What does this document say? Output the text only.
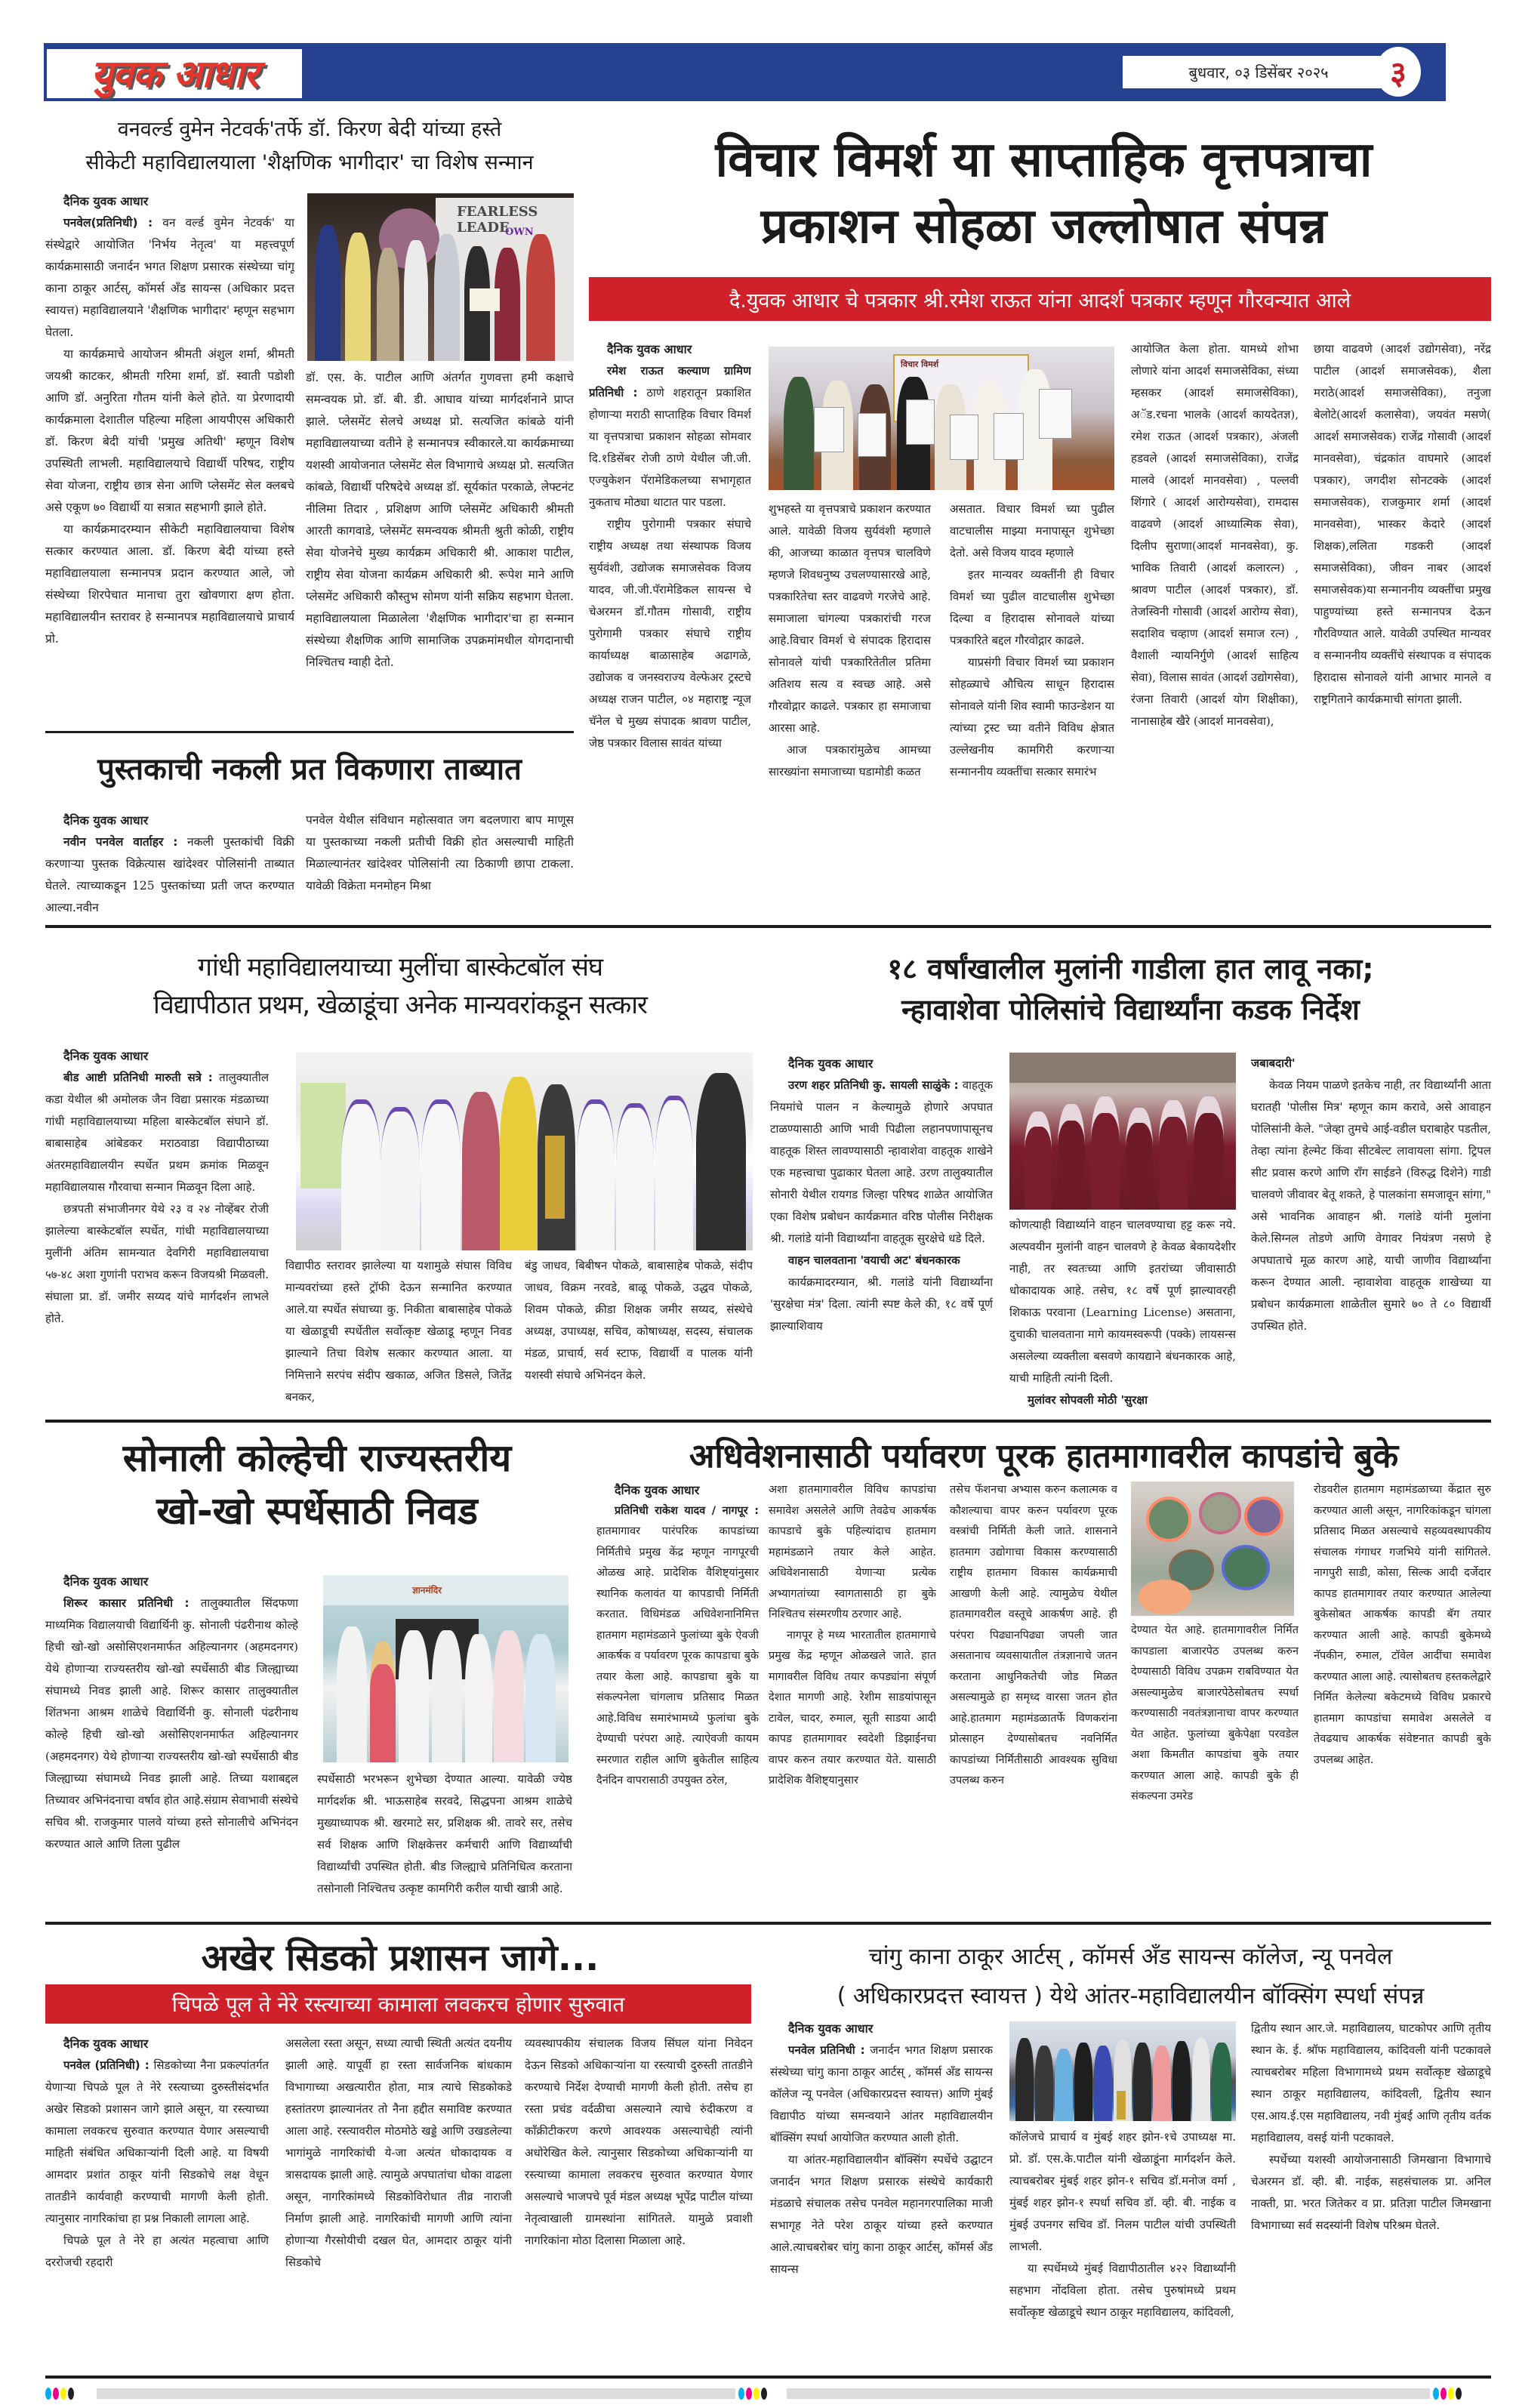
युवक आधार	बुधवार, ०३ डिसेंबर २०२५ ३
वनवर्ल्ड वुमेन नेटवर्क'तर्फे डॉ. किरण बेदी यांच्या हस्ते
सीकेटी महाविद्यालयाला 'शैक्षणिक भागीदार' चा विशेष सन्मान
दैनिक युवक आधार

पनवेल(प्रतिनिधी) : वन वर्ल्ड वुमेन नेटवर्क' या संस्थेद्वारे आयोजित 'निर्भय नेतृत्व' या महत्त्वपूर्ण कार्यक्रमासाठी जनार्दन भगत शिक्षण प्रसारक संस्थेच्या चांगू काना ठाकूर आर्टस्, कॉमर्स अँड सायन्स (अधिकार प्रदत्त स्वायत्त) महाविद्यालयाने 'शैक्षणिक भागीदार' म्हणून सहभाग घेतला.

या कार्यक्रमाचे आयोजन श्रीमती अंशुल शर्मा, श्रीमती जयश्री काटकर, श्रीमती गरिमा शर्मा, डॉ. स्वाती पडोशी आणि डॉ. अनुरिता गौतम यांनी केले होते. या प्रेरणादायी कार्यक्रमाला देशातील पहिल्या महिला आयपीएस अधिकारी डॉ. किरण बेदी यांची 'प्रमुख अतिथी' म्हणून विशेष उपस्थिती लाभली. महाविद्यालयाचे विद्यार्थी परिषद, राष्ट्रीय सेवा योजना, राष्ट्रीय छात्र सेना आणि प्लेसमेंट सेल क्लबचे असे एकूण ७० विद्यार्थी या सत्रात सहभागी झाले होते.

या कार्यक्रमादरम्यान सीकेटी महाविद्यालयाचा विशेष सत्कार करण्यात आला. डॉ. किरण बेदी यांच्या हस्ते महाविद्यालयाला सन्मानपत्र प्रदान करण्यात आले, जो संस्थेच्या शिरपेचात मानाचा तुरा खोवणारा क्षण होता. महाविद्यालयीन स्तरावर हे सन्मानपत्र महाविद्यालयाचे प्राचार्य प्रो.

FEARLESS LEADE
OWN

डॉ. एस. के. पाटील आणि अंतर्गत गुणवत्ता हमी कक्षाचे समन्वयक प्रो. डॉ. बी. डी. आघाव यांच्या मार्गदर्शनाने प्राप्त झाले. प्लेसमेंट सेलचे अध्यक्ष प्रो. सत्यजित कांबळे यांनी महाविद्यालयाच्या वतीने हे सन्मानपत्र स्वीकारले.या कार्यक्रमाच्या यशस्वी आयोजनात प्लेसमेंट सेल विभागाचे अध्यक्ष प्रो. सत्यजित कांबळे, विद्यार्थी परिषदेचे अध्यक्ष डॉ. सूर्यकांत परकाळे, लेफ्टनंट नीलिमा तिदार , प्रशिक्षण आणि प्लेसमेंट अधिकारी श्रीमती आरती कागवाडे, प्लेसमेंट समन्वयक श्रीमती श्रुती कोळी, राष्ट्रीय सेवा योजनेचे मुख्य कार्यक्रम अधिकारी श्री. आकाश पाटील, राष्ट्रीय सेवा योजना कार्यक्रम अधिकारी श्री. रूपेश माने आणि प्लेसमेंट अधिकारी कौस्तुभ सोमण यांनी सक्रिय सहभाग घेतला. महाविद्यालयाला मिळालेला 'शैक्षणिक भागीदार'चा हा सन्मान संस्थेच्या शैक्षणिक आणि सामाजिक उपक्रमांमधील योगदानाची निश्चितच ग्वाही देतो.

पुस्तकाची नकली प्रत विकणारा ताब्यात
दैनिक युवक आधार

नवीन पनवेल वार्ताहर : नकली पुस्तकांची विक्री करणाऱ्या पुस्तक विक्रेत्यास खांदेश्वर पोलिसांनी ताब्यात घेतले. त्याच्याकडून 125 पुस्तकांच्या प्रती जप्त करण्यात आल्या.नवीन

पनवेल येथील संविधान महोत्सवात जग बदलणारा बाप माणूस या पुस्तकाच्या नकली प्रतीची विक्री होत असल्याची माहिती मिळाल्यानंतर खांदेश्वर पोलिसांनी त्या ठिकाणी छापा टाकला. यावेळी विक्रेता मनमोहन मिश्रा

विचार विमर्श या साप्ताहिक वृत्तपत्राचा
प्रकाशन सोहळा जल्लोषात संपन्न
दै.युवक आधार चे पत्रकार श्री.रमेश राऊत यांना आदर्श पत्रकार म्हणून गौरवन्यात आले
दैनिक युवक आधार

रमेश राऊत कल्याण ग्रामिण प्रतिनिधी : ठाणे शहरातून प्रकाशित होणाऱ्या मराठी साप्ताहिक विचार विमर्श या वृत्तपत्राचा प्रकाशन सोहळा सोमवार दि.१डिसेंबर रोजी ठाणे येथील जी.जी. एज्युकेशन पॅरामेडिकलच्या सभागृहात नुकताच मोठ्या थाटात पार पडला.

राष्ट्रीय पुरोगामी पत्रकार संघाचे राष्ट्रीय अध्यक्ष तथा संस्थापक विजय सुर्यवंशी, उद्योजक समाजसेवक विजय यादव, जी.जी.पॅरामेडिकल सायन्स चे चेअरमन डॉ.गौतम गोसावी, राष्ट्रीय पुरोगामी पत्रकार संघाचे राष्ट्रीय कार्याध्यक्ष बाळासाहेब अढागळे, उद्योजक व जनस्वराज्य वेल्फेअर ट्रस्टचे अध्यक्ष राजन पाटील, ०४ महाराष्ट्र न्यूज चॅनेल चे मुख्य संपादक श्रावण पाटील, जेष्ठ पत्रकार विलास सावंत यांच्या

विचार विमर्श

शुभहस्ते या वृत्तपत्राचे प्रकाशन करण्यात आले. यावेळी विजय सुर्यवंशी म्हणाले की, आजच्या काळात वृत्तपत्र चालविणे म्हणजे शिवधनुष्य उचलण्यासारखे आहे, पत्रकारितेचा स्तर वाढवणे गरजेचे आहे. समाजाला चांगल्या पत्रकारांची गरज आहे.विचार विमर्श चे संपादक हिरादास सोनावले यांची पत्रकारितेतील प्रतिमा अतिशय सत्य व स्वच्छ आहे. असे गौरवोद्गार काढले. पत्रकार हा समाजाचा आरसा आहे.

आज पत्रकारांमुळेच आमच्या सारख्यांना समाजाच्या घडामोडी कळत

असतात. विचार विमर्श च्या पुढील वाटचालीस माझ्या मनापासून शुभेच्छा देतो. असे विजय यादव म्हणाले

इतर मान्यवर व्यक्तींनी ही विचार विमर्श च्या पुढील वाटचालीस शुभेच्छा दिल्या व हिरादास सोनावले यांच्या पत्रकारिते बद्दल गौरवोद्गार काढले.

याप्रसंगी विचार विमर्श च्या प्रकाशन सोहळ्याचे औचित्य साधून हिरादास सोनावले यांनी शिव स्वामी फाउन्डेशन या त्यांच्या ट्रस्ट च्या वतीने विविध क्षेत्रात उल्लेखनीय कामगिरी करणाऱ्या सन्माननीय व्यक्तींचा सत्कार समारंभ

आयोजित केला होता. यामध्ये शोभा लोणारे यांना आदर्श समाजसेविका, संध्या म्हसकर (आदर्श समाजसेविका), अॅड.रचना भालके (आदर्श कायदेतज्ञ), रमेश राऊत (आदर्श पत्रकार), अंजली हडवले (आदर्श समाजसेविका), राजेंद्र मालवे (आदर्श मानवसेवा) , पल्लवी शिंगारे ( आदर्श आरोग्यसेवा), रामदास वाढवणे (आदर्श आध्यात्मिक सेवा), दिलीप सुराणा(आदर्श मानवसेवा), कु. भाविक तिवारी (आदर्श कलारत्न) , श्रावण पाटील (आदर्श पत्रकार), डॉ. तेजस्विनी गोसावी (आदर्श आरोग्य सेवा), सदाशिव चव्हाण (आदर्श समाज रत्न) , वैशाली न्यायनिर्गुणे (आदर्श साहित्य सेवा), विलास सावंत (आदर्श उद्योगसेवा), रंजना तिवारी (आदर्श योग शिक्षीका), नानासाहेब खैरे (आदर्श मानवसेवा),

छाया वाढवणे (आदर्श उद्योगसेवा), नरेंद्र पाटील (आदर्श समाजसेवक), शैला मराठे(आदर्श समाजसेविका), तनुजा बेलोटे(आदर्श कलासेवा), जयवंत मसणे( आदर्श समाजसेवक) राजेंद्र गोसावी (आदर्श मानवसेवा), चंद्रकांत वाघमारे (आदर्श पत्रकार), जगदीश सोनटक्के (आदर्श समाजसेवक), राजकुमार शर्मा (आदर्श मानवसेवा), भास्कर केदारे (आदर्श शिक्षक),ललिता गडकरी (आदर्श समाजसेविका), जीवन नाबर (आदर्श समाजसेवक)या सन्माननीय व्यक्तींचा प्रमुख पाहुण्यांच्या हस्ते सन्मानपत्र देऊन गौरविण्यात आले. यावेळी उपस्थित मान्यवर व सन्माननीय व्यक्तींचे संस्थापक व संपादक हिरादास सोनावले यांनी आभार मानले व राष्ट्रगिताने कार्यक्रमाची सांगता झाली.

गांधी महाविद्यालयाच्या मुलींचा बास्केटबॉल संघ
विद्यापीठात प्रथम, खेळाडूंचा अनेक मान्यवरांकडून सत्कार
दैनिक युवक आधार

बीड आष्टी प्रतिनिधी मारुती सत्रे : तालुक्यातील कडा येथील श्री अमोलक जैन विद्या प्रसारक मंडळाच्या गांधी महाविद्यालयाच्या महिला बास्केटबॉल संघाने डॉ. बाबासाहेब आंबेडकर मराठवाडा विद्यापीठाच्या अंतरमहाविद्यालयीन स्पर्धेत प्रथम क्रमांक मिळवून महाविद्यालयास गौरवाचा सन्मान मिळवून दिला आहे.

छत्रपती संभाजीनगर येथे २३ व २४ नोव्हेंबर रोजी झालेल्या बास्केटबॉल स्पर्धेत, गांधी महाविद्यालयाच्या मुलींनी अंतिम सामन्यात देवगिरी महाविद्यालयाचा ५७-४८ अशा गुणांनी पराभव करून विजयश्री मिळवली. संघाला प्रा. डॉ. जमीर सय्यद यांचे मार्गदर्शन लाभले होते.

विद्यापीठ स्तरावर झालेल्या या यशामुळे संघास विविध मान्यवरांच्या हस्ते ट्रॉफी देऊन सन्मानित करण्यात आले.या स्पर्धेत संघाच्या कु. निकीता बाबासाहेब पोकळे या खेळाडूची स्पर्धेतील सर्वोत्कृष्ट खेळाडू म्हणून निवड झाल्याने तिचा विशेष सत्कार करण्यात आला. या निमित्ताने सरपंच संदीप खकाळ, अजित डिसले, जितेंद्र बनकर,

बंडु जाधव, बिबीषन पोकळे, बाबासाहेब पोकळे, संदीप जाधव, विक्रम नरवडे, बाळू पोकळे, उद्धव पोकळे, शिवम पोकळे, क्रीडा शिक्षक जमीर सय्यद, संस्थेचे अध्यक्ष, उपाध्यक्ष, सचिव, कोषाध्यक्ष, सदस्य, संचालक मंडळ, प्राचार्य, सर्व स्टाफ, विद्यार्थी व पालक यांनी यशस्वी संघाचे अभिनंदन केले.

१८ वर्षांखालील मुलांनी गाडीला हात लावू नका;
न्हावाशेवा पोलिसांचे विद्यार्थ्यांना कडक निर्देश
दैनिक युवक आधार

उरण शहर प्रतिनिधी कु. सायली साळुंके : वाहतूक नियमांचे पालन न केल्यामुळे होणारे अपघात टाळण्यासाठी आणि भावी पिढीला लहानपणापासूनच वाहतूक शिस्त लावण्यासाठी न्हावाशेवा वाहतूक शाखेने एक महत्त्वाचा पुढाकार घेतला आहे. उरण तालुक्यातील सोनारी येथील रायगड जिल्हा परिषद शाळेत आयोजित एका विशेष प्रबोधन कार्यक्रमात वरिष्ठ पोलीस निरीक्षक श्री. गलांडे यांनी विद्यार्थ्यांना वाहतूक सुरक्षेचे धडे दिले.

वाहन चालवताना 'वयाची अट' बंधनकारक

कार्यक्रमादरम्यान, श्री. गलांडे यांनी विद्यार्थ्यांना 'सुरक्षेचा मंत्र' दिला. त्यांनी स्पष्ट केले की, १८ वर्षे पूर्ण झाल्याशिवाय

कोणत्याही विद्यार्थ्याने वाहन चालवण्याचा हट्ट करू नये. अल्पवयीन मुलांनी वाहन चालवणे हे केवळ बेकायदेशीर नाही, तर स्वतःच्या आणि इतरांच्या जीवासाठी धोकादायक आहे. तसेच, १८ वर्षे पूर्ण झाल्यावरही शिकाऊ परवाना (Learning License) असताना, दुचाकी चालवताना मागे कायमस्वरूपी (पक्के) लायसन्स असलेल्या व्यक्तीला बसवणे कायद्याने बंधनकारक आहे, याची माहिती त्यांनी दिली.

मुलांवर सोपवली मोठी 'सुरक्षा
जबाबदारी'

केवळ नियम पाळणे इतकेच नाही, तर विद्यार्थ्यांनी आता घरातही 'पोलीस मित्र' म्हणून काम करावे, असे आवाहन पोलिसांनी केले. "जेव्हा तुमचे आई-वडील घराबाहेर पडतील, तेव्हा त्यांना हेल्मेट किंवा सीटबेल्ट लावायला सांगा. ट्रिपल सीट प्रवास करणे आणि रॉंग साईडने (विरुद्ध दिशेने) गाडी चालवणे जीवावर बेतू शकते, हे पालकांना समजावून सांगा," असे भावनिक आवाहन श्री. गलांडे यांनी मुलांना केले.सिग्नल तोडणे आणि वेगावर नियंत्रण नसणे हे अपघाताचे मूळ कारण आहे, याची जाणीव विद्यार्थ्यांना करून देण्यात आली. न्हावाशेवा वाहतूक शाखेच्या या प्रबोधन कार्यक्रमाला शाळेतील सुमारे ७० ते ८० विद्यार्थी उपस्थित होते.

सोनाली कोल्हेची राज्यस्तरीय
खो-खो स्पर्धेसाठी निवड
दैनिक युवक आधार

शिरूर कासार प्रतिनिधी : तालुक्यातील सिंदफणा माध्यमिक विद्यालयाची विद्यार्थिनी कु. सोनाली पंढरीनाथ कोल्हे हिची खो-खो असोसिएशनमार्फत अहिल्यानगर (अहमदनगर) येथे होणाऱ्या राज्यस्तरीय खो-खो स्पर्धेसाठी बीड जिल्ह्याच्या संघामध्ये निवड झाली आहे. शिरूर कासार तालुक्यातील शिंतभना आश्रम शाळेचे विद्यार्थिनी कु. सोनाली पंढरीनाथ कोल्हे हिची खो-खो असोसिएशनमार्फत अहिल्यानगर (अहमदनगर) येथे होणाऱ्या राज्यस्तरीय खो-खो स्पर्धेसाठी बीड जिल्ह्याच्या संघामध्ये निवड झाली आहे. तिच्या यशाबद्दल तिच्यावर अभिनंदनाचा वर्षाव होत आहे.संग्राम सेवाभावी संस्थेचे सचिव श्री. राजकुमार पालवे यांच्या हस्ते सोनालीचे अभिनंदन करण्यात आले आणि तिला पुढील

ज्ञानमंदिर

स्पर्धेसाठी भरभरून शुभेच्छा देण्यात आल्या. यावेळी ज्येष्ठ मार्गदर्शक श्री. भाऊसाहेब सरवदे, सिद्धपना आश्रम शाळेचे मुख्याध्यापक श्री. खरमाटे सर, प्रशिक्षक श्री. तावरे सर, तसेच सर्व शिक्षक आणि शिक्षकेत्तर कर्मचारी आणि विद्यार्थ्यांची विद्यार्थ्यांची उपस्थित होती. बीड जिल्ह्याचे प्रतिनिधित्व करताना तसोनाली निश्चितच उत्कृष्ट कामगिरी करील याची खात्री आहे.

अधिवेशनासाठी पर्यावरण पूरक हातमागावरील कापडांचे बुके
दैनिक युवक आधार

प्रतिनिधी राकेश यादव / नागपूर : हातमागावर पारंपरिक कापडांच्या निर्मितीचे प्रमुख केंद्र म्हणून नागपूरची ओळख आहे. प्रादेशिक वैशिष्ट्यांनुसार स्थानिक कलावंत या कापडाची निर्मिती करतात. विधिमंडळ अधिवेशनानिमित्त हातमाग महामंडळाने फुलांच्या बुके ऐवजी आकर्षक व पर्यावरण पूरक कापडाचा बुके तयार केला आहे. कापडाचा बुके या संकल्पनेला चांगलाच प्रतिसाद मिळत आहे.विविध समारंभामध्ये फुलांचा बुके देण्याची परंपरा आहे. त्याऐवजी कायम स्मरणात राहील आणि बुकेतील साहित्य दैनंदिन वापरासाठी उपयुक्त ठरेल,

अशा हातमागावरील विविध कापडांचा समावेश असलेले आणि तेवढेच आकर्षक कापडाचे बुके पहिल्यांदाच हातमाग महामंडळाने तयार केले आहेत. अधिवेशनासाठी येणाऱ्या प्रत्येक अभ्यागतांच्या स्वागतासाठी हा बुके निश्चितच संस्मरणीय ठरणार आहे.

नागपूर हे मध्य भारतातील हातमागाचे प्रमुख केंद्र म्हणून ओळखले जाते. हात मागावरील विविध तयार कपड्यांना संपूर्ण देशात मागणी आहे. रेशीम साडयांपासून टावेल, चादर, रुमाल, सूती साडया आदी कापड हातमागावर स्वदेशी डिझाईनचा वापर करुन तयार करण्यात येते. यासाठी प्रादेशिक वैशिष्ट्यानुसार

तसेच फॅशनचा अभ्यास करुन कलात्मक व कौशल्याचा वापर करुन पर्यावरण पूरक वस्त्रांची निर्मिती केली जाते. शासनाने हातमाग उद्योगाचा विकास करण्यासाठी राष्ट्रीय हातमाग विकास कार्यक्रमाची आखणी केली आहे. त्यामुळेच येथील हातमागवरील वस्तूचे आकर्षण आहे. ही परंपरा पिढ्यानपिढ्या जपली जात असतानाच व्यवसायातील तंत्रज्ञानाचे जतन करताना आधुनिकतेची जोड मिळत असल्यामुळे हा समृध्द वारसा जतन होत आहे.हातमाग महामंडळातर्फे विणकरांना प्रोत्साहन देण्यासोबतच नवनिर्मित कापडांच्या निर्मितीसाठी आवश्यक सुविधा उपलब्ध करुन

देण्यात येत आहे. हातमागावरील निर्मित कापडाला बाजारपेठ उपलब्ध करुन देण्यासाठी विविध उपक्रम राबविण्यात येत असल्यामुळेच बाजारपेठेसोबतच स्पर्धा करण्यासाठी नवतंत्रज्ञानाचा वापर करण्यात येत आहेत. फुलांच्या बुकेपेक्षा परवडेल अशा किमतीत कापडांचा बुके तयार करण्यात आला आहे. कापडी बुके ही संकल्पना उमरेड

रोडवरील हातमाग महामंडळाच्या केंद्रात सुरु करण्यात आली असून, नागरिकांकडून चांगला प्रतिसाद मिळत असल्याचे सहव्यवस्थापकीय संचालक गंगाधर गजभिये यांनी सांगितले. नागपुरी साडी, कोसा, सिल्क आदी दर्जेदार कापड हातमागावर तयार करण्यात आलेल्या बुकेसोबत आकर्षक कापडी बॅग तयार करण्यात आली आहे. कापडी बुकेमध्ये नॅपकीन, रुमाल, टॉवेल आदींचा समावेश करण्यात आला आहे. त्यासोबतच हस्तकलेद्वारे निर्मित केलेल्या बकेटमध्ये विविध प्रकारचे हातमाग कापडांचा समावेश असलेले व तेवढयाच आकर्षक संवेष्टनात कापडी बुके उपलब्ध आहेत.

अखेर सिडको प्रशासन जागे...
चिपळे पूल ते नेरे रस्त्याच्या कामाला लवकरच होणार सुरुवात
दैनिक युवक आधार

पनवेल (प्रतिनिधी) : सिडकोच्या नैना प्रकल्पांतर्गत येणाऱ्या चिपळे पूल ते नेरे रस्त्याच्या दुरुस्तीसंदर्भात अखेर सिडको प्रशासन जागे झाले असून, या रस्त्याच्या कामाला लवकरच सुरुवात करण्यात येणार असल्याची माहिती संबंधित अधिकाऱ्यांनी दिली आहे. या विषयी आमदार प्रशांत ठाकूर यांनी सिडकोचे लक्ष वेधून तातडीने कार्यवाही करण्याची मागणी केली होती. त्यानुसार नागरिकांचा हा प्रश्न निकाली लागला आहे.

चिपळे पूल ते नेरे हा अत्यंत महत्वाचा आणि दररोजची रहदारी

असलेला रस्ता असून, सध्या त्याची स्थिती अत्यंत दयनीय झाली आहे. यापूर्वी हा रस्ता सार्वजनिक बांधकाम विभागाच्या अखत्यारीत होता, मात्र त्याचे सिडकोकडे हस्तांतरण झाल्यानंतर तो नैना हद्दीत समाविष्ट करण्यात आला आहे. रस्त्यावरील मोठमोठे खड्डे आणि उखडलेल्या भागांमुळे नागरिकांची ये-जा अत्यंत धोकादायक व त्रासदायक झाली आहे. त्यामुळे अपघातांचा धोका वाढला असून, नागरिकांमध्ये सिडकोविरोधात तीव्र नाराजी निर्माण झाली आहे. नागरिकांची मागणी आणि त्यांना होणाऱ्या गैरसोयीची दखल घेत, आमदार ठाकूर यांनी सिडकोचे

व्यवस्थापकीय संचालक विजय सिंघल यांना निवेदन देऊन सिडको अधिकाऱ्यांना या रस्त्याची दुरुस्ती तातडीने करण्याचे निर्देश देण्याची मागणी केली होती. तसेच हा रस्ता प्रचंड वर्दळीचा असल्याने त्याचे रुंदीकरण व कॉंक्रीटीकरण करणे आवश्यक असल्याचेही त्यांनी अधोरेखित केले. त्यानुसार सिडकोच्या अधिकाऱ्यांनी या रस्त्याच्या कामाला लवकरच सुरुवात करण्यात येणार असल्याचे भाजपचे पूर्व मंडल अध्यक्ष भूपेंद्र पाटील यांच्या नेतृत्वाखाली ग्रामस्थांना सांगितले. यामुळे प्रवाशी नागरिकांना मोठा दिलासा मिळाला आहे.

चांगु काना ठाकूर आर्टस् , कॉमर्स अँड सायन्स कॉलेज, न्यू पनवेल
( अधिकारप्रदत्त स्वायत्त ) येथे आंतर-महाविद्यालयीन बॉक्सिंग स्पर्धा संपन्न
दैनिक युवक आधार

पनवेल प्रतिनिधी : जनार्दन भगत शिक्षण प्रसारक संस्थेच्या चांगु काना ठाकूर आर्टस् , कॉमर्स अँड सायन्स कॉलेज न्यू पनवेल (अधिकारप्रदत्त स्वायत्त) आणि मुंबई विद्यापीठ यांच्या समन्वयाने आंतर महाविद्यालयीन बॉक्सिंग स्पर्धा आयोजित करण्यात आली होती.

या आंतर-महाविद्यालयीन बॉक्सिंग स्पर्धेचे उद्घाटन जनार्दन भगत शिक्षण प्रसारक संस्थेचे कार्यकारी मंडळाचे संचालक तसेच पनवेल महानगरपालिका माजी सभागृह नेते परेश ठाकूर यांच्या हस्ते करण्यात आले.त्याचबरोबर चांगु काना ठाकूर आर्टस्, कॉमर्स अँड सायन्स

कॉलेजचे प्राचार्य व मुंबई शहर झोन-१चे उपाध्यक्ष मा. प्रो. डॉ. एस.के.पाटील यांनी खेळाडूंना मार्गदर्शन केले. त्याचबरोबर मुंबई शहर झोन-१ सचिव डॉ.मनोज वर्मा , मुंबई शहर झोन-१ स्पर्धा सचिव डॉ. व्ही. बी. नाईक व मुंबई उपनगर सचिव डॉ. निलम पाटील यांची उपस्थिती लाभली.

या स्पर्धेमध्ये मुंबई विद्यापीठातील ४२२ विद्यार्थ्यांनी सहभाग नोंदविला होता. तसेच पुरुषांमध्ये प्रथम सर्वोत्कृष्ट खेळाडूचे स्थान ठाकूर महाविद्यालय, कांदिवली,

द्वितीय स्थान आर.जे. महाविद्यालय, घाटकोपर आणि तृतीय स्थान के. ई. श्रॉफ महाविद्यालय, कांदिवली यांनी पटकावले त्याचबरोबर महिला विभागामध्ये प्रथम सर्वोत्कृष्ट खेळाडूचे स्थान ठाकूर महाविद्यालय, कांदिवली, द्वितीय स्थान एस.आय.ई.एस महाविद्यालय, नवी मुंबई आणि तृतीय वर्तक महाविद्यालय, वसई यांनी पटकावले.

स्पर्धेच्या यशस्वी आयोजनासाठी जिमखाना विभागाचे चेअरमन डॉ. व्ही. बी. नाईक, सहसंचालक प्रा. अनिल नाक्ती, प्रा. भरत जितेकर व प्रा. प्रतिज्ञा पाटील जिमखाना विभागाच्या सर्व सदस्यांनी विशेष परिश्रम घेतले.
